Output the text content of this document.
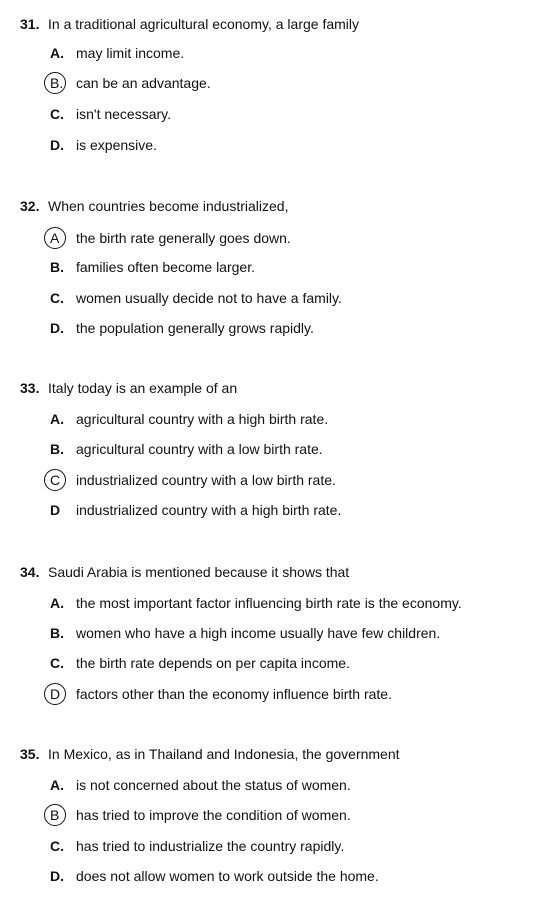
31. In a traditional agricultural economy, a large family
A. may limit income.
B. can be an advantage.
C. isn't necessary.
D. is expensive.
32. When countries become industrialized,
A the birth rate generally goes down.
B. families often become larger.
C. women usually decide not to have a family.
D. the population generally grows rapidly.
33. Italy today is an example of an
A. agricultural country with a high birth rate.
B. agricultural country with a low birth rate.
C industrialized country with a low birth rate.
D industrialized country with a high birth rate.
34. Saudi Arabia is mentioned because it shows that
A. the most important factor influencing birth rate is the economy.
B. women who have a high income usually have few children.
C. the birth rate depends on per capita income.
D factors other than the economy influence birth rate.
35. In Mexico, as in Thailand and Indonesia, the government
A. is not concerned about the status of women.
B has tried to improve the condition of women.
C. has tried to industrialize the country rapidly.
D. does not allow women to work outside the home.
